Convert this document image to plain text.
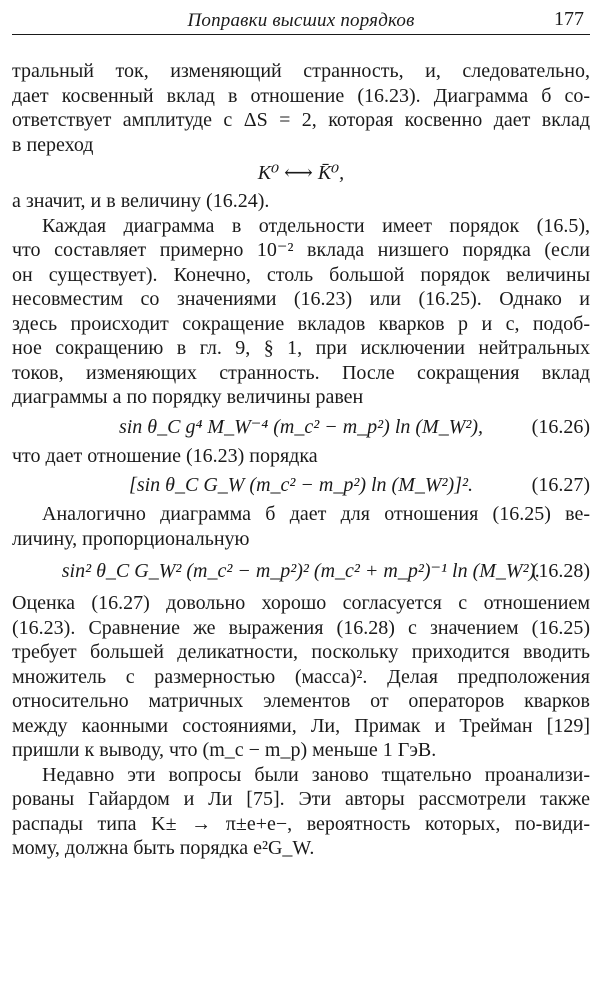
Поправки высших порядков	177
тральный ток, изменяющий странность, и, следовательно,
дает косвенный вклад в отношение (16.23). Диаграмма б со-
ответствует амплитуде с ΔS = 2, которая косвенно дает вклад
в переход
K⁰ ⟷ K̄⁰,
а значит, и в величину (16.24).
Каждая диаграмма в отдельности имеет порядок (16.5),
что составляет примерно 10⁻² вклада низшего порядка (если
он существует). Конечно, столь большой порядок величины
несовместим со значениями (16.23) или (16.25). Однако и
здесь происходит сокращение вкладов кварков p и c, подоб-
ное сокращению в гл. 9, § 1, при исключении нейтральных
токов, изменяющих странность. После сокращения вклад
диаграммы a по порядку величины равен
sin θ_C g⁴ M_W⁻⁴ (m_c² − m_p²) ln (M_W²),	(16.26)
что дает отношение (16.23) порядка
[sin θ_C G_W (m_c² − m_p²) ln (M_W²)]².	(16.27)
Аналогично диаграмма б дает для отношения (16.25) ве-
личину, пропорциональную
sin² θ_C G_W² (m_c² − m_p²)² (m_c² + m_p²)⁻¹ ln (M_W²).
(16.28)
Оценка (16.27) довольно хорошо согласуется с отношением
(16.23). Сравнение же выражения (16.28) с значением (16.25)
требует большей деликатности, поскольку приходится вводить
множитель с размерностью (масса)². Делая предположения
относительно матричных элементов от операторов кварков
между каонными состояниями, Ли, Примак и Трейман [129]
пришли к выводу, что (m_c − m_p) меньше 1 ГэВ.
Недавно эти вопросы были заново тщательно проанализи-
рованы Гайардом и Ли [75]. Эти авторы рассмотрели также
распады типа K± → π±e+e−, вероятность которых, по-види-
мому, должна быть порядка e²G_W.
